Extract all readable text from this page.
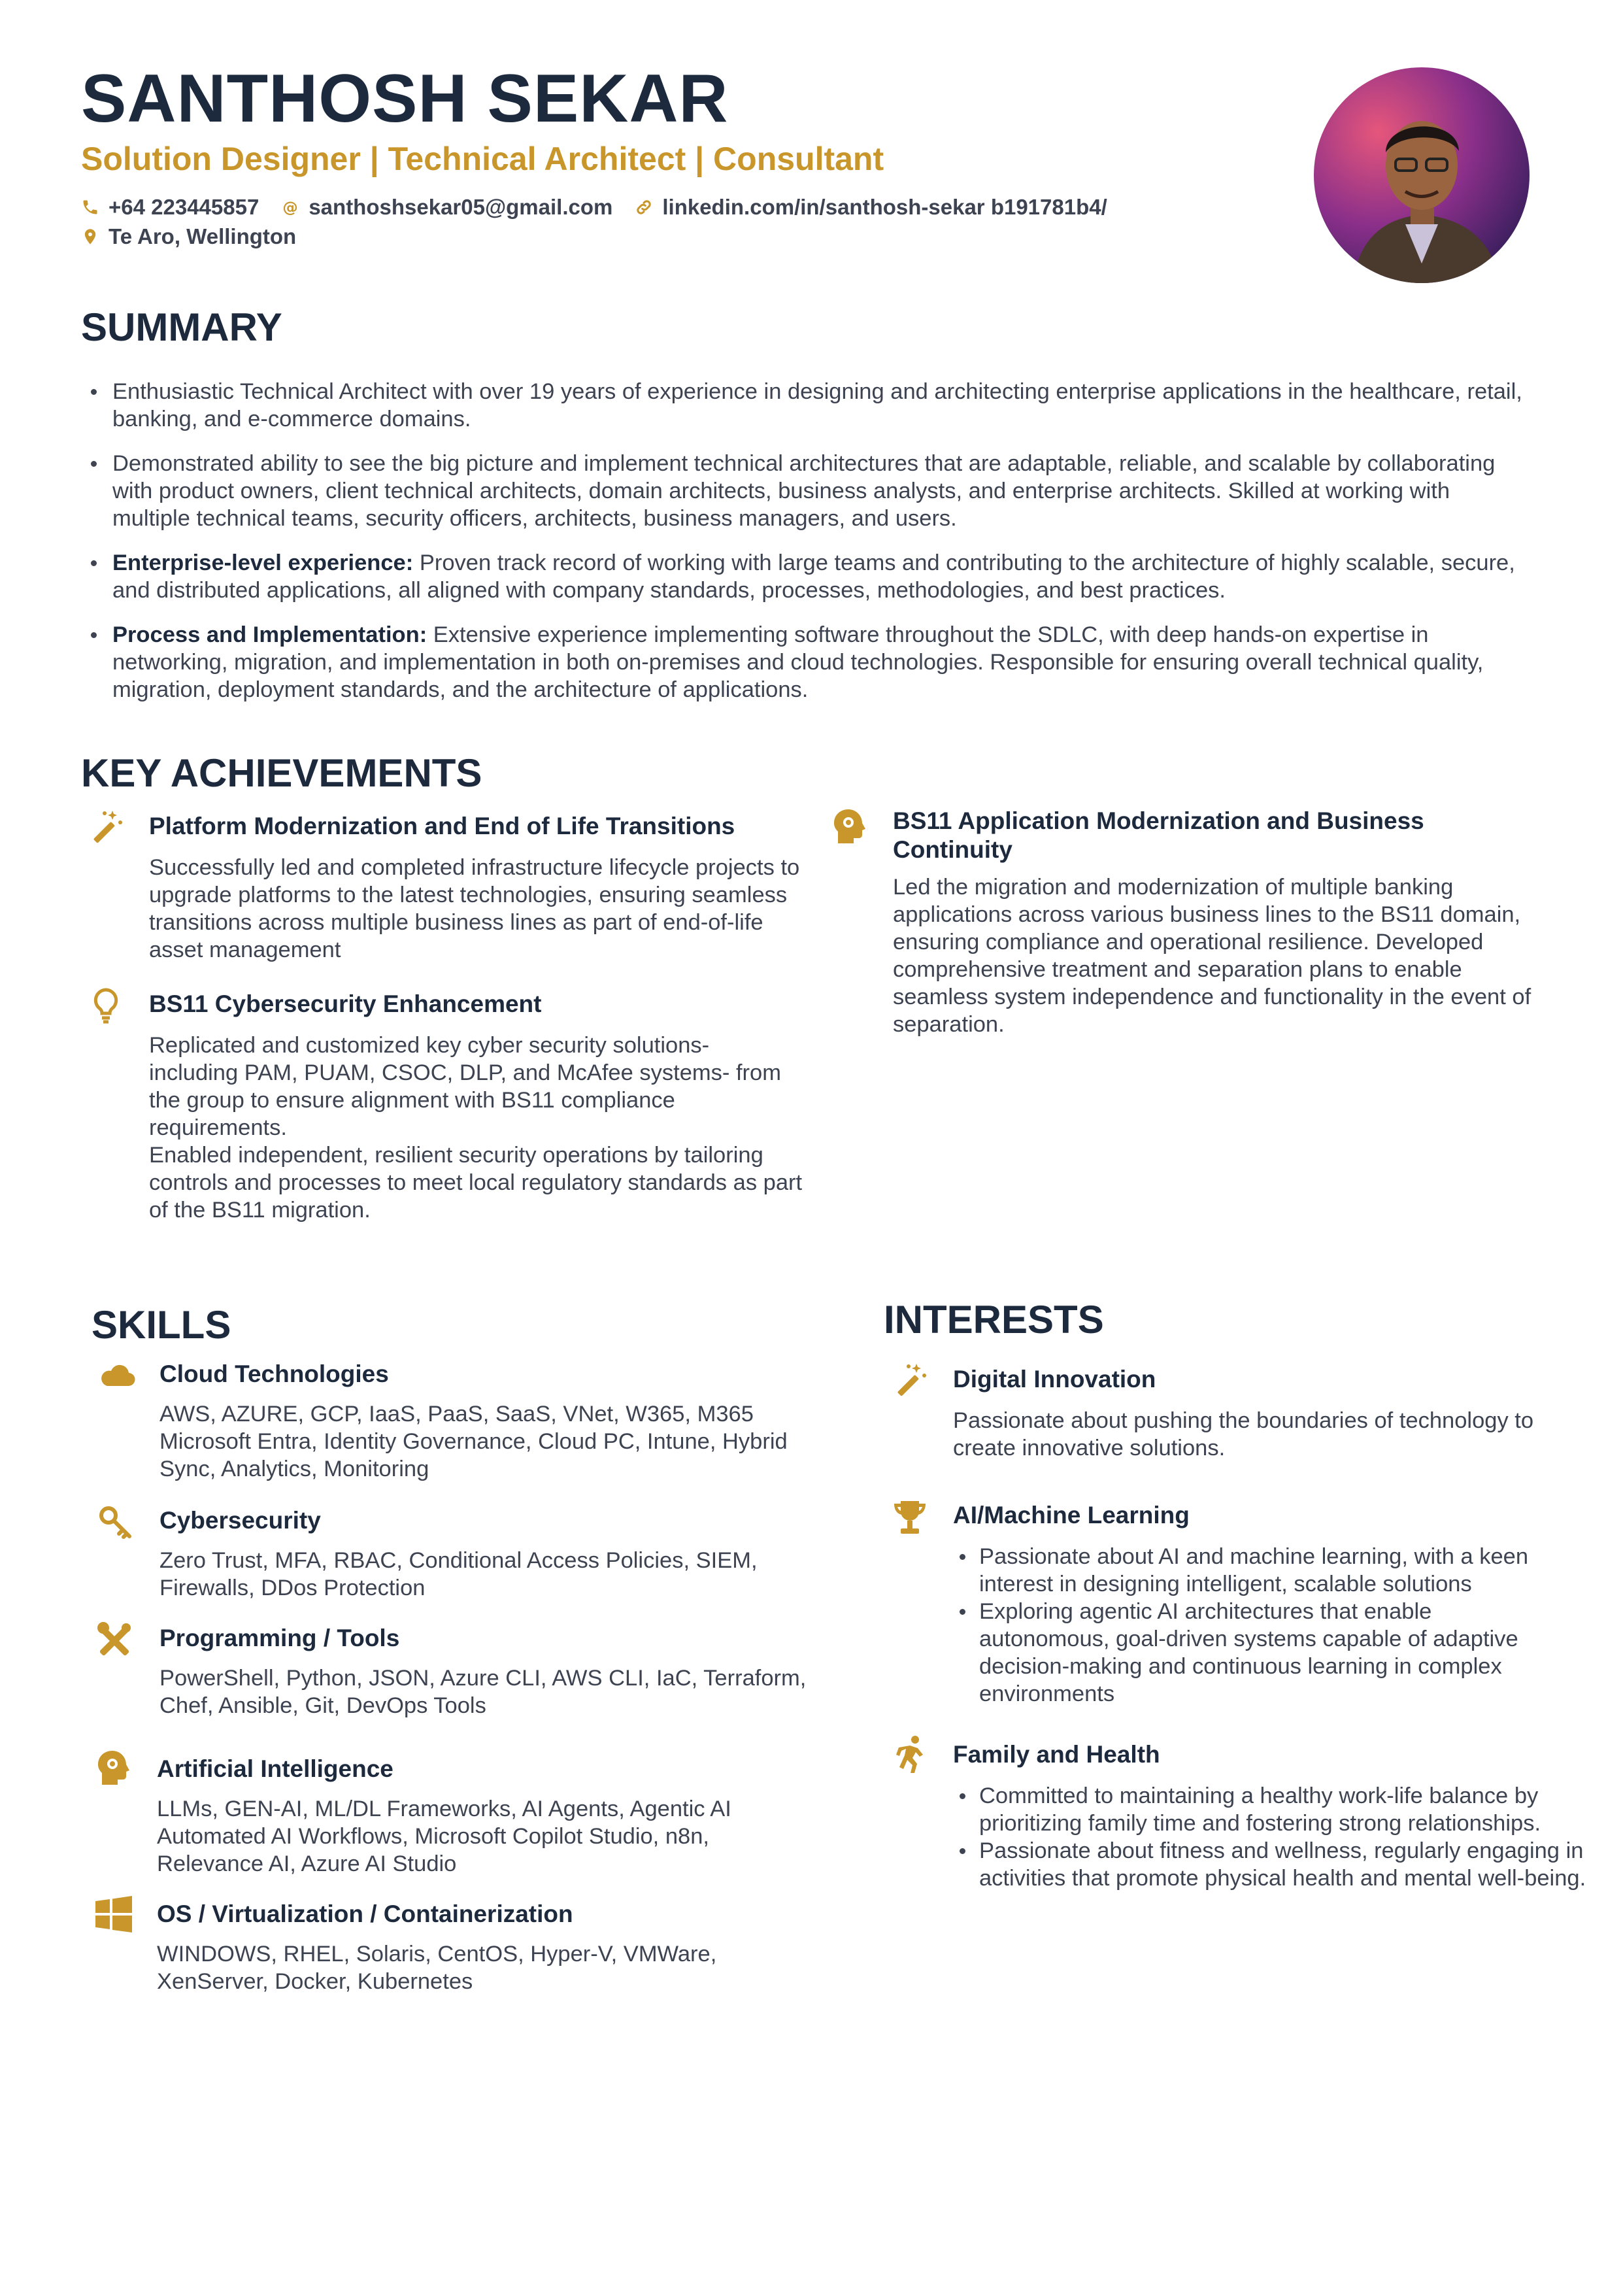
SANTHOSH SEKAR
Solution Designer | Technical Architect | Consultant
+64 223445857 @ santhoshsekar05@gmail.com linkedin.com/in/santhosh-sekar b191781b4/
Te Aro, Wellington
SUMMARY
Enthusiastic Technical Architect with over 19 years of experience in designing and architecting enterprise applications in the healthcare, retail, banking, and e-commerce domains.
Demonstrated ability to see the big picture and implement technical architectures that are adaptable, reliable, and scalable by collaborating with product owners, client technical architects, domain architects, business analysts, and enterprise architects. Skilled at working with multiple technical teams, security officers, architects, business managers, and users.
Enterprise-level experience: Proven track record of working with large teams and contributing to the architecture of highly scalable, secure, and distributed applications, all aligned with company standards, processes, methodologies, and best practices.
Process and Implementation: Extensive experience implementing software throughout the SDLC, with deep hands-on expertise in networking, migration, and implementation in both on-premises and cloud technologies. Responsible for ensuring overall technical quality, migration, deployment standards, and the architecture of applications.
KEY ACHIEVEMENTS
Platform Modernization and End of Life Transitions
Successfully led and completed infrastructure lifecycle projects to upgrade platforms to the latest technologies, ensuring seamless transitions across multiple business lines as part of end-of-life asset management
BS11 Cybersecurity Enhancement
Replicated and customized key cyber security solutions- including PAM, PUAM, CSOC, DLP, and McAfee systems- from the group to ensure alignment with BS11 compliance requirements.
Enabled independent, resilient security operations by tailoring controls and processes to meet local regulatory standards as part of the BS11 migration.
BS11 Application Modernization and Business Continuity
Led the migration and modernization of multiple banking applications across various business lines to the BS11 domain, ensuring compliance and operational resilience. Developed comprehensive treatment and separation plans to enable seamless system independence and functionality in the event of separation.
SKILLS
Cloud Technologies
AWS, AZURE, GCP, IaaS, PaaS, SaaS, VNet, W365, M365 Microsoft Entra, Identity Governance, Cloud PC, Intune, Hybrid Sync, Analytics, Monitoring
Cybersecurity
Zero Trust, MFA, RBAC, Conditional Access Policies, SIEM, Firewalls, DDos Protection
Programming / Tools
PowerShell, Python, JSON, Azure CLI, AWS CLI, IaC, Terraform, Chef, Ansible, Git, DevOps Tools
Artificial Intelligence
LLMs, GEN-AI, ML/DL Frameworks, AI Agents, Agentic AI Automated AI Workflows, Microsoft Copilot Studio, n8n, Relevance AI, Azure AI Studio
OS / Virtualization / Containerization
WINDOWS, RHEL, Solaris, CentOS, Hyper-V, VMWare, XenServer, Docker, Kubernetes
INTERESTS
Digital Innovation
Passionate about pushing the boundaries of technology to create innovative solutions.
AI/Machine Learning
Passionate about AI and machine learning, with a keen interest in designing intelligent, scalable solutions
Exploring agentic AI architectures that enable autonomous, goal-driven systems capable of adaptive decision-making and continuous learning in complex environments
Family and Health
Committed to maintaining a healthy work-life balance by prioritizing family time and fostering strong relationships.
Passionate about fitness and wellness, regularly engaging in activities that promote physical health and mental well-being.
